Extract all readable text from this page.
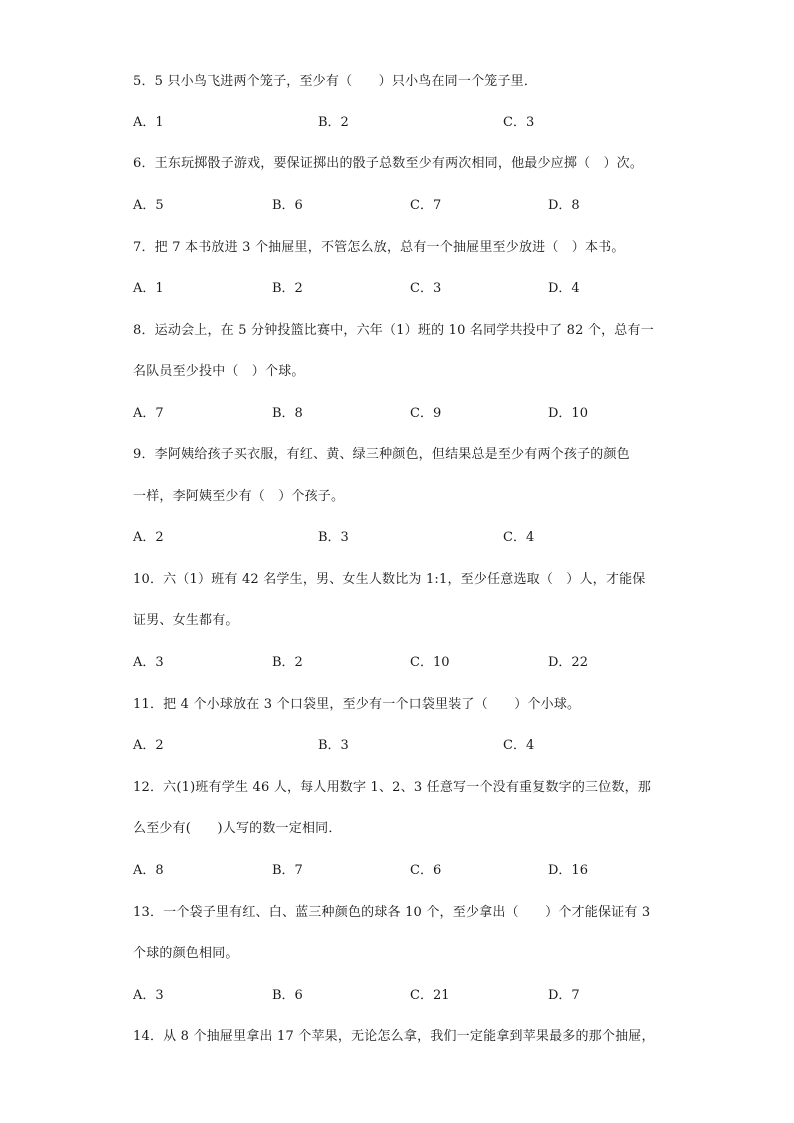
5．5 只小鸟飞进两个笼子，至少有（　　）只小鸟在同一个笼子里．
A．1	B．2	C．3
6．王东玩掷骰子游戏，要保证掷出的骰子总数至少有两次相同，他最少应掷（　）次。
A．5	B．6	C．7	D．8
7．把 7 本书放进 3 个抽屉里，不管怎么放，总有一个抽屉里至少放进（　）本书。
A．1	B．2	C．3	D．4
8．运动会上，在 5 分钟投篮比赛中，六年（1）班的 10 名同学共投中了 82 个，总有一
名队员至少投中（　）个球。
A．7	B．8	C．9	D．10
9．李阿姨给孩子买衣服，有红、黄、绿三种颜色，但结果总是至少有两个孩子的颜色
一样，李阿姨至少有（　）个孩子。
A．2	B．3	C．4
10．六（1）班有 42 名学生，男、女生人数比为 1:1，至少任意选取（　）人，才能保
证男、女生都有。
A．3	B．2	C．10	D．22
11．把 4 个小球放在 3 个口袋里，至少有一个口袋里装了（　　）个小球。
A．2	B．3	C．4
12．六(1)班有学生 46 人，每人用数字 1、2、3 任意写一个没有重复数字的三位数，那
么至少有(　　)人写的数一定相同．
A．8	B．7	C．6	D．16
13．一个袋子里有红、白、蓝三种颜色的球各 10 个，至少拿出（　　）个才能保证有 3
个球的颜色相同。
A．3	B．6	C．21	D．7
14．从 8 个抽屉里拿出 17 个苹果，无论怎么拿，我们一定能拿到苹果最多的那个抽屉，
